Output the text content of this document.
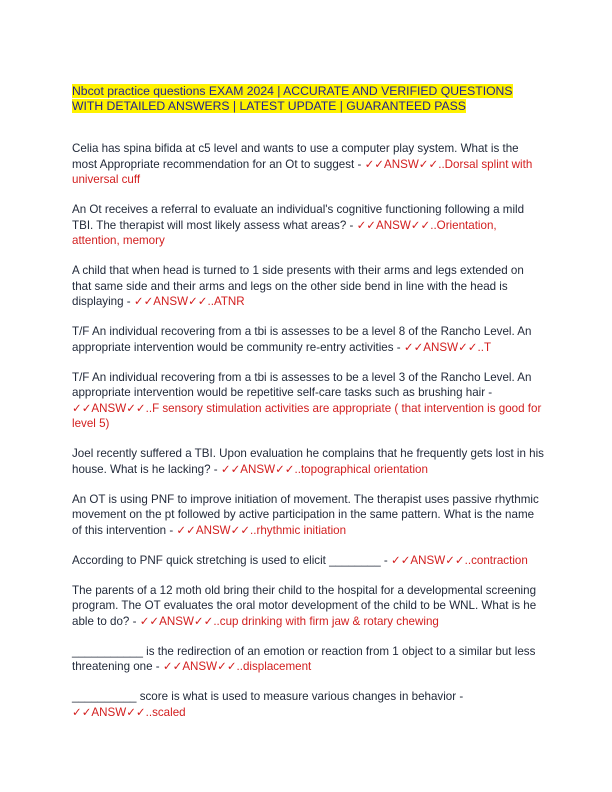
Nbcot practice questions EXAM 2024 | ACCURATE AND VERIFIED QUESTIONS WITH DETAILED ANSWERS | LATEST UPDATE | GUARANTEED PASS

Celia has spina bifida at c5 level and wants to use a computer play system. What is the most Appropriate recommendation for an Ot to suggest - ✓✓ANSW✓✓..Dorsal splint with universal cuff

An Ot receives a referral to evaluate an individual's cognitive functioning following a mild TBI. The therapist will most likely assess what areas? - ✓✓ANSW✓✓..Orientation, attention, memory

A child that when head is turned to 1 side presents with their arms and legs extended on that same side and their arms and legs on the other side bend in line with the head is displaying - ✓✓ANSW✓✓..ATNR

T/F An individual recovering from a tbi is assesses to be a level 8 of the Rancho Level. An appropriate intervention would be community re-entry activities - ✓✓ANSW✓✓..T

T/F An individual recovering from a tbi is assesses to be a level 3 of the Rancho Level. An appropriate intervention would be repetitive self-care tasks such as brushing hair - ✓✓ANSW✓✓..F sensory stimulation activities are appropriate ( that intervention is good for level 5)

Joel recently suffered a TBI. Upon evaluation he complains that he frequently gets lost in his house. What is he lacking? - ✓✓ANSW✓✓..topographical orientation

An OT is using PNF to improve initiation of movement. The therapist uses passive rhythmic movement on the pt followed by active participation in the same pattern. What is the name of this intervention - ✓✓ANSW✓✓..rhythmic initiation

According to PNF quick stretching is used to elicit ________ - ✓✓ANSW✓✓..contraction

The parents of a 12 moth old bring their child to the hospital for a developmental screening program. The OT evaluates the oral motor development of the child to be WNL. What is he able to do? - ✓✓ANSW✓✓..cup drinking with firm jaw & rotary chewing

___________ is the redirection of an emotion or reaction from 1 object to a similar but less threatening one - ✓✓ANSW✓✓..displacement

__________ score is what is used to measure various changes in behavior - ✓✓ANSW✓✓..scaled
